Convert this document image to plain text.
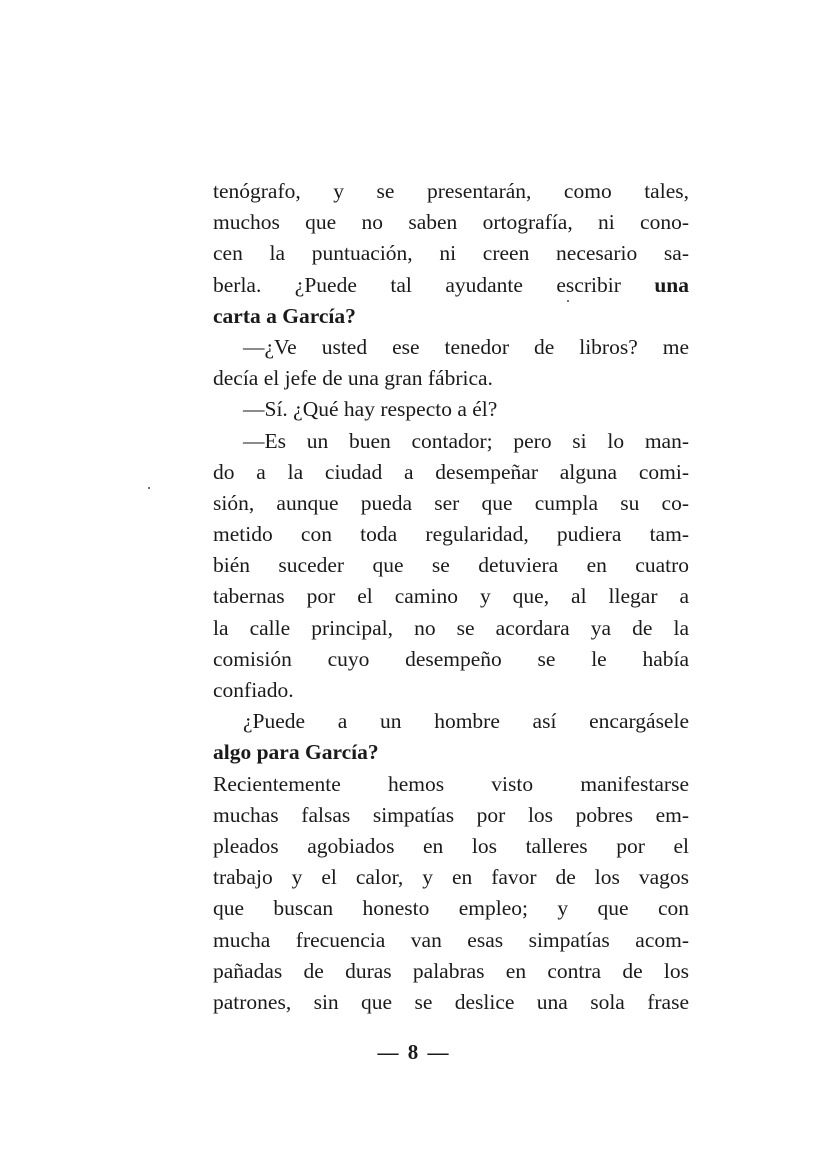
tenógrafo, y se presentarán, como tales,
muchos que no saben ortografía, ni cono-
cen la puntuación, ni creen necesario sa-
berla. ¿Puede tal ayudante escribir una
carta a García?
—¿Ve usted ese tenedor de libros? me
decía el jefe de una gran fábrica.
—Sí. ¿Qué hay respecto a él?
—Es un buen contador; pero si lo man-
do a la ciudad a desempeñar alguna comi-
sión, aunque pueda ser que cumpla su co-
metido con toda regularidad, pudiera tam-
bién suceder que se detuviera en cuatro
tabernas por el camino y que, al llegar a
la calle principal, no se acordara ya de la
comisión cuyo desempeño se le había
confiado.
¿Puede a un hombre así encargásele
algo para García?
Recientemente hemos visto manifestarse
muchas falsas simpatías por los pobres em-
pleados agobiados en los talleres por el
trabajo y el calor, y en favor de los vagos
que buscan honesto empleo; y que con
mucha frecuencia van esas simpatías acom-
pañadas de duras palabras en contra de los
patrones, sin que se deslice una sola frase
— 8 —
